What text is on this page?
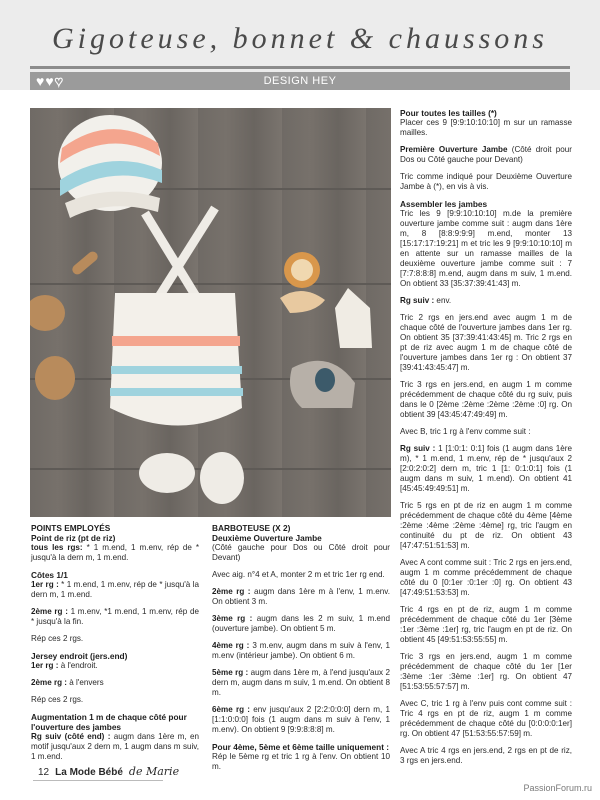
Gigoteuse, bonnet & chaussons
♥ ♥ ♥	DESIGN HEY
POINTS EMPLOYÉS
Point de riz (pt de riz)

tous les rgs: * 1 m.end, 1 m.env, rép de * jusqu'à la dern m, 1 m.end.

Côtes 1/1

1er rg : * 1 m.end, 1 m.env, rép de * jusqu'à la dern m, 1 m.end.

2ème rg : 1 m.env, *1 m.end, 1 m.env, rép de * jusqu'à la fin.

Rép ces 2 rgs.

Jersey endroit (jers.end)

1er rg : à l'endroit.

2ème rg : à l'envers

Rép ces 2 rgs.

Augmentation 1 m de chaque côté pour l'ouverture des jambes

Rg suiv (côté end) : augm dans 1ère m, en motif jusqu'aux 2 dern m, 1 augm dans m suiv, 1 m.end.

BARBOTEUSE (X 2)
Deuxième Ouverture Jambe

(Côté gauche pour Dos ou Côté droit pour Devant)

Avec aig. n°4 et A, monter 2 m et tric 1er rg end.

2ème rg : augm dans 1ère m à l'env, 1 m.env. On obtient 3 m.

3ème rg : augm dans les 2 m suiv, 1 m.end (ouverture jambe). On obtient 5 m.

4ème rg : 3 m.env, augm dans m suiv à l'env, 1 m.env (intérieur jambe). On obtient 6 m.

5ème rg : augm dans 1ère m, à l'end jusqu'aux 2 dern m, augm dans m suiv, 1 m.end. On obtient 8 m.

6ème rg : env jusqu'aux 2 [2:2:0:0:0] dern m, 1 [1:1:0:0:0] fois (1 augm dans m suiv à l'env, 1 m.env). On obtient 9 [9:9:8:8:8] m.

Pour 4ème, 5ème et 6ème taille uniquement :

Rép le 5ème rg et tric 1 rg à l'env. On obtient 10 m.

Pour toutes les tailles (*)

Placer ces 9 [9:9:10:10:10] m sur un ramasse mailles.

Première Ouverture Jambe (Côté droit pour Dos ou Côté gauche pour Devant)

Tric comme indiqué pour Deuxième Ouverture Jambe à (*), en vis à vis.

Assembler les jambes

Tric les 9 [9:9:10:10:10] m.de la première ouverture jambe comme suit : augm dans 1ère m, 8 [8:8:9:9:9] m.end, monter 13 [15:17:17:19:21] m et tric les 9 [9:9:10:10:10] m en attente sur un ramasse mailles de la deuxième ouverture jambe comme suit : 7 [7:7:8:8:8] m.end, augm dans m suiv, 1 m.end. On obtient 33 [35:37:39:41:43] m.

Rg suiv : env.

Tric 2 rgs en jers.end avec augm 1 m de chaque côté de l'ouverture jambes dans 1er rg. On obtient 35 [37:39:41:43:45] m. Tric 2 rgs en pt de riz avec augm 1 m de chaque côté de l'ouverture jambes dans 1er rg : On obtient 37 [39:41:43:45:47] m.

Tric 3 rgs en jers.end, en augm 1 m comme précédemment de chaque côté du rg suiv, puis dans le 0 [2ème :2ème :2ème :2ème :0] rg. On obtient 39 [43:45:47:49:49] m.

Avec B, tric 1 rg à l'env comme suit :

Rg suiv : 1 [1:0:1: 0:1] fois (1 augm dans 1ère m), * 1 m.end, 1 m.env, rép de * jusqu'aux 2 [2:0:2:0:2] dern m, tric 1 [1: 0:1:0:1] fois (1 augm dans m suiv, 1 m.end). On obtient 41 [45:45:49:49:51] m.

Tric 5 rgs en pt de riz en augm 1 m comme précédemment de chaque côté du 4ème [4ème :2ème :4ème :2ème :4ème] rg, tric l'augm en continuité du pt de riz. On obtient 43 [47:47:51:51:53] m.

Avec A cont comme suit : Tric 2 rgs en jers.end, augm 1 m comme précédemment de chaque côté du 0 [0:1er :0:1er :0] rg. On obtient 43 [47:49:51:53:53] m.

Tric 4 rgs en pt de riz, augm 1 m comme précédemment de chaque côté du 1er [3ème :1er :3ème :1er] rg, tric l'augm en pt de riz. On obtient 45 [49:51:53:55:55] m.

Tric 3 rgs en jers.end, augm 1 m comme précédemment de chaque côté du 1er [1er :3ème :1er :3ème :1er] rg. On obtient 47 [51:53:55:57:57] m.

Avec C, tric 1 rg à l'env puis cont comme suit : Tric 4 rgs en pt de riz, augm 1 m comme précédemment de chaque côté du [0:0:0:0:1er] rg. On obtient 47 [51:53:55:57:59] m.

Avec A tric 4 rgs en jers.end, 2 rgs en pt de riz, 3 rgs en jers.end.

12 La Mode Bébé de Marie
PassionForum.ru
